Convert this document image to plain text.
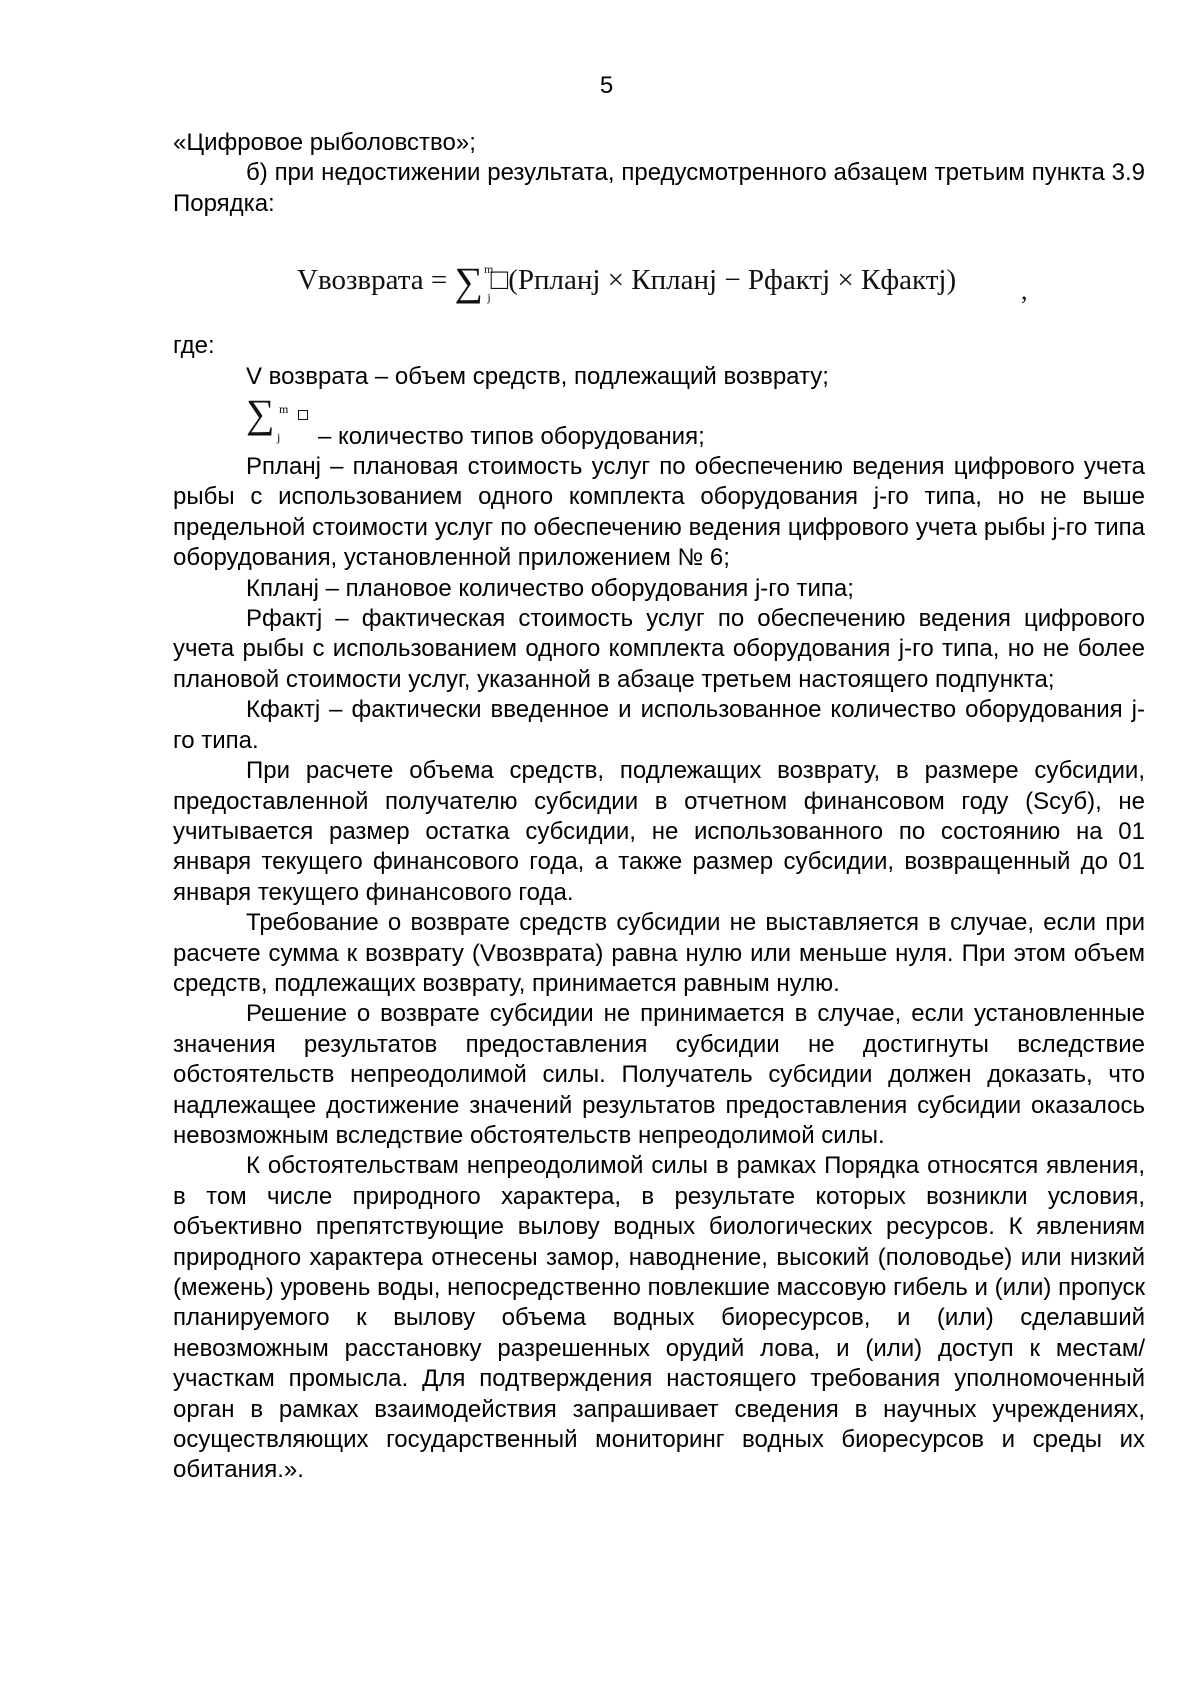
5

«Цифровое рыболовство»;

б) при недостижении результата, предусмотренного абзацем третьим пункта 3.9 Порядка:

Vвозврата = ∑$^m_j$□(Рпланj × Кпланj − Рфактj × Кфактj) ,

где:

V возврата – объем средств, подлежащий возврату;

∑ m
j – количество типов оборудования;

Рпланj – плановая стоимость услуг по обеспечению ведения цифрового учета рыбы с использованием одного комплекта оборудования j-го типа, но не выше предельной стоимости услуг по обеспечению ведения цифрового учета рыбы j-го типа оборудования, установленной приложением № 6;

Кпланj – плановое количество оборудования j-го типа;

Рфактj – фактическая стоимость услуг по обеспечению ведения цифрового учета рыбы с использованием одного комплекта оборудования j-го типа, но не более плановой стоимости услуг, указанной в абзаце третьем настоящего подпункта;

Кфактj – фактически введенное и использованное количество оборудования j-го типа.

При расчете объема средств, подлежащих возврату, в размере субсидии, предоставленной получателю субсидии в отчетном финансовом году (Sсуб), не учитывается размер остатка субсидии, не использованного по состоянию на 01 января текущего финансового года, а также размер субсидии, возвращенный до 01 января текущего финансового года.

Требование о возврате средств субсидии не выставляется в случае, если при расчете сумма к возврату (Vвозврата) равна нулю или меньше нуля. При этом объем средств, подлежащих возврату, принимается равным нулю.

Решение о возврате субсидии не принимается в случае, если установленные значения результатов предоставления субсидии не достигнуты вследствие обстоятельств непреодолимой силы. Получатель субсидии должен доказать, что надлежащее достижение значений результатов предоставления субсидии оказалось невозможным вследствие обстоятельств непреодолимой силы.

К обстоятельствам непреодолимой силы в рамках Порядка относятся явления, в том числе природного характера, в результате которых возникли условия, объективно препятствующие вылову водных биологических ресурсов. К явлениям природного характера отнесены замор, наводнение, высокий (половодье) или низкий (межень) уровень воды, непосредственно повлекшие массовую гибель и (или) пропуск планируемого к вылову объема водных биоресурсов, и (или) сделавший невозможным расстановку разрешенных орудий лова, и (или) доступ к местам/участкам промысла. Для подтверждения настоящего требования уполномоченный орган в рамках взаимодействия запрашивает сведения в научных учреждениях, осуществляющих государственный мониторинг водных биоресурсов и среды их обитания.».
